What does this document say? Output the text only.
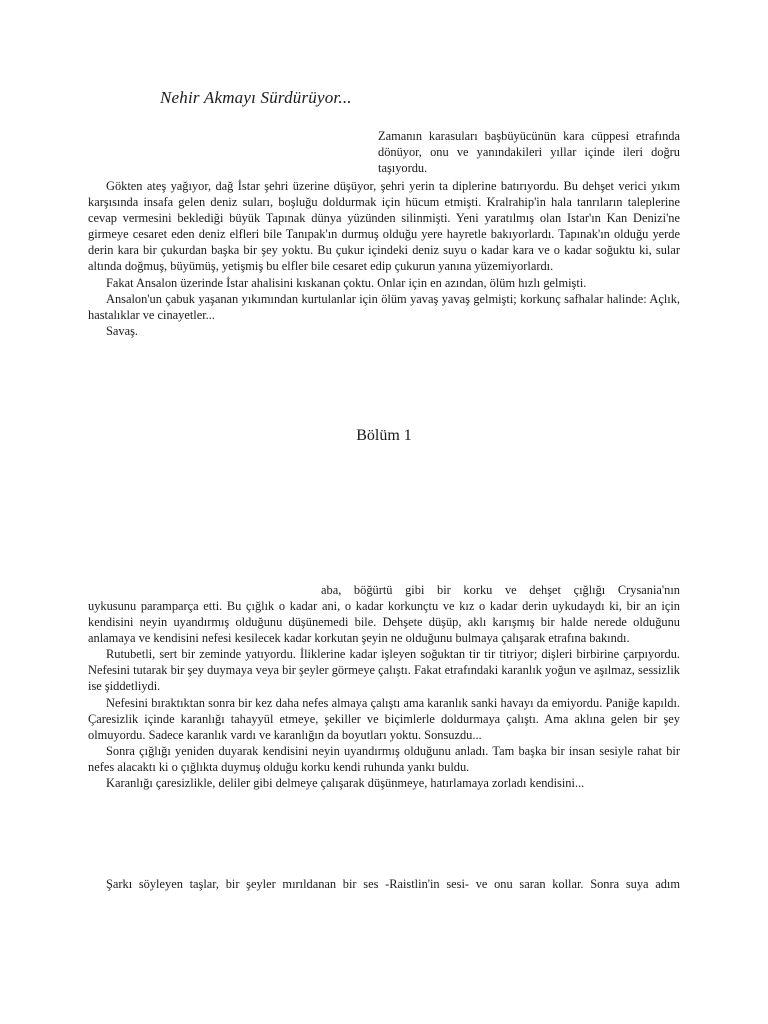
Nehir Akmayı Sürdürüyor...
Zamanın karasuları başbüyücünün kara cüppesi etrafında dönüyor, onu ve yanındakileri yıllar içinde ileri doğru taşıyordu.

Gökten ateş yağıyor, dağ İstar şehri üzerine düşüyor, şehri yerin ta diplerine batırıyordu. Bu dehşet verici yıkım karşısında insafa gelen deniz suları, boşluğu doldurmak için hücum etmişti. Kralrahip'in hala tanrıların taleplerine cevap vermesini beklediği büyük Tapınak dünya yüzünden silinmişti. Yeni yaratılmış olan Istar'ın Kan Denizi'ne girmeye cesaret eden deniz elfleri bile Tanıpak'ın durmuş olduğu yere hayretle bakıyorlardı. Tapınak'ın olduğu yerde derin kara bir çukurdan başka bir şey yoktu. Bu çukur içindeki deniz suyu o kadar kara ve o kadar soğuktu ki, sular altında doğmuş, büyümüş, yetişmiş bu elfler bile cesaret edip çukurun yanına yüzemiyorlardı.

Fakat Ansalon üzerinde İstar ahalisini kıskanan çoktu. Onlar için en azından, ölüm hızlı gelmişti.

Ansalon'un çabuk yaşanan yıkımından kurtulanlar için ölüm yavaş yavaş gelmişti; korkunç safhalar halinde: Açlık, hastalıklar ve cinayetler...

Savaş.

Bölüm 1
aba, böğürtü gibi bir korku ve dehşet çığlığı Crysania'nın

uykusunu paramparça etti. Bu çığlık o kadar ani, o kadar korkunçtu ve kız o kadar derin uykudaydı ki, bir an için kendisini neyin uyandırmış olduğunu düşünemedi bile. Dehşete düşüp, aklı karışmış bir halde nerede olduğunu anlamaya ve kendisini nefesi kesilecek kadar korkutan şeyin ne olduğunu bulmaya çalışarak etrafına bakındı.

Rutubetli, sert bir zeminde yatıyordu. İliklerine kadar işleyen soğuktan tir tir titriyor; dişleri birbirine çarpıyordu. Nefesini tutarak bir şey duymaya veya bir şeyler görmeye çalıştı. Fakat etrafındaki karanlık yoğun ve aşılmaz, sessizlik ise şiddetliydi.

Nefesini bıraktıktan sonra bir kez daha nefes almaya çalıştı ama karanlık sanki havayı da emiyordu. Paniğe kapıldı. Çaresizlik içinde karanlığı tahayyül etmeye, şekiller ve biçimlerle doldurmaya çalıştı. Ama aklına gelen bir şey olmuyordu. Sadece karanlık vardı ve karanlığın da boyutları yoktu. Sonsuzdu...

Sonra çığlığı yeniden duyarak kendisini neyin uyandırmış olduğunu anladı. Tam başka bir insan sesiyle rahat bir nefes alacaktı ki o çığlıkta duymuş olduğu korku kendi ruhunda yankı buldu.

Karanlığı çaresizlikle, deliler gibi delmeye çalışarak düşünmeye, hatırlamaya zorladı kendisini...

Şarkı söyleyen taşlar, bir şeyler mırıldanan bir ses -Raistlin'in sesi- ve onu saran kollar. Sonra suya adım
